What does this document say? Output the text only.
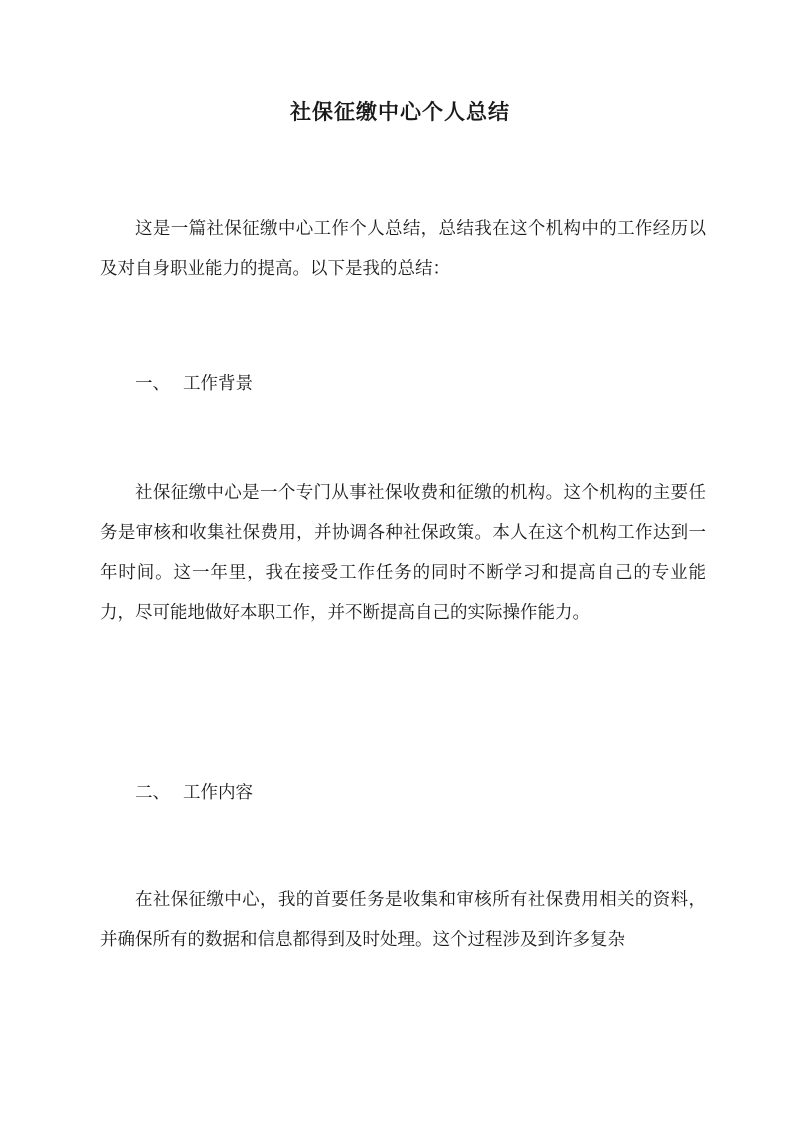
社保征缴中心个人总结

这是一篇社保征缴中心工作个人总结，总结我在这个机构中的工作经历以及对自身职业能力的提高。以下是我的总结：

一、 工作背景

社保征缴中心是一个专门从事社保收费和征缴的机构。这个机构的主要任务是审核和收集社保费用，并协调各种社保政策。本人在这个机构工作达到一年时间。这一年里，我在接受工作任务的同时不断学习和提高自己的专业能力，尽可能地做好本职工作，并不断提高自己的实际操作能力。

二、 工作内容

在社保征缴中心，我的首要任务是收集和审核所有社保费用相关的资料，并确保所有的数据和信息都得到及时处理。这个过程涉及到许多复杂
